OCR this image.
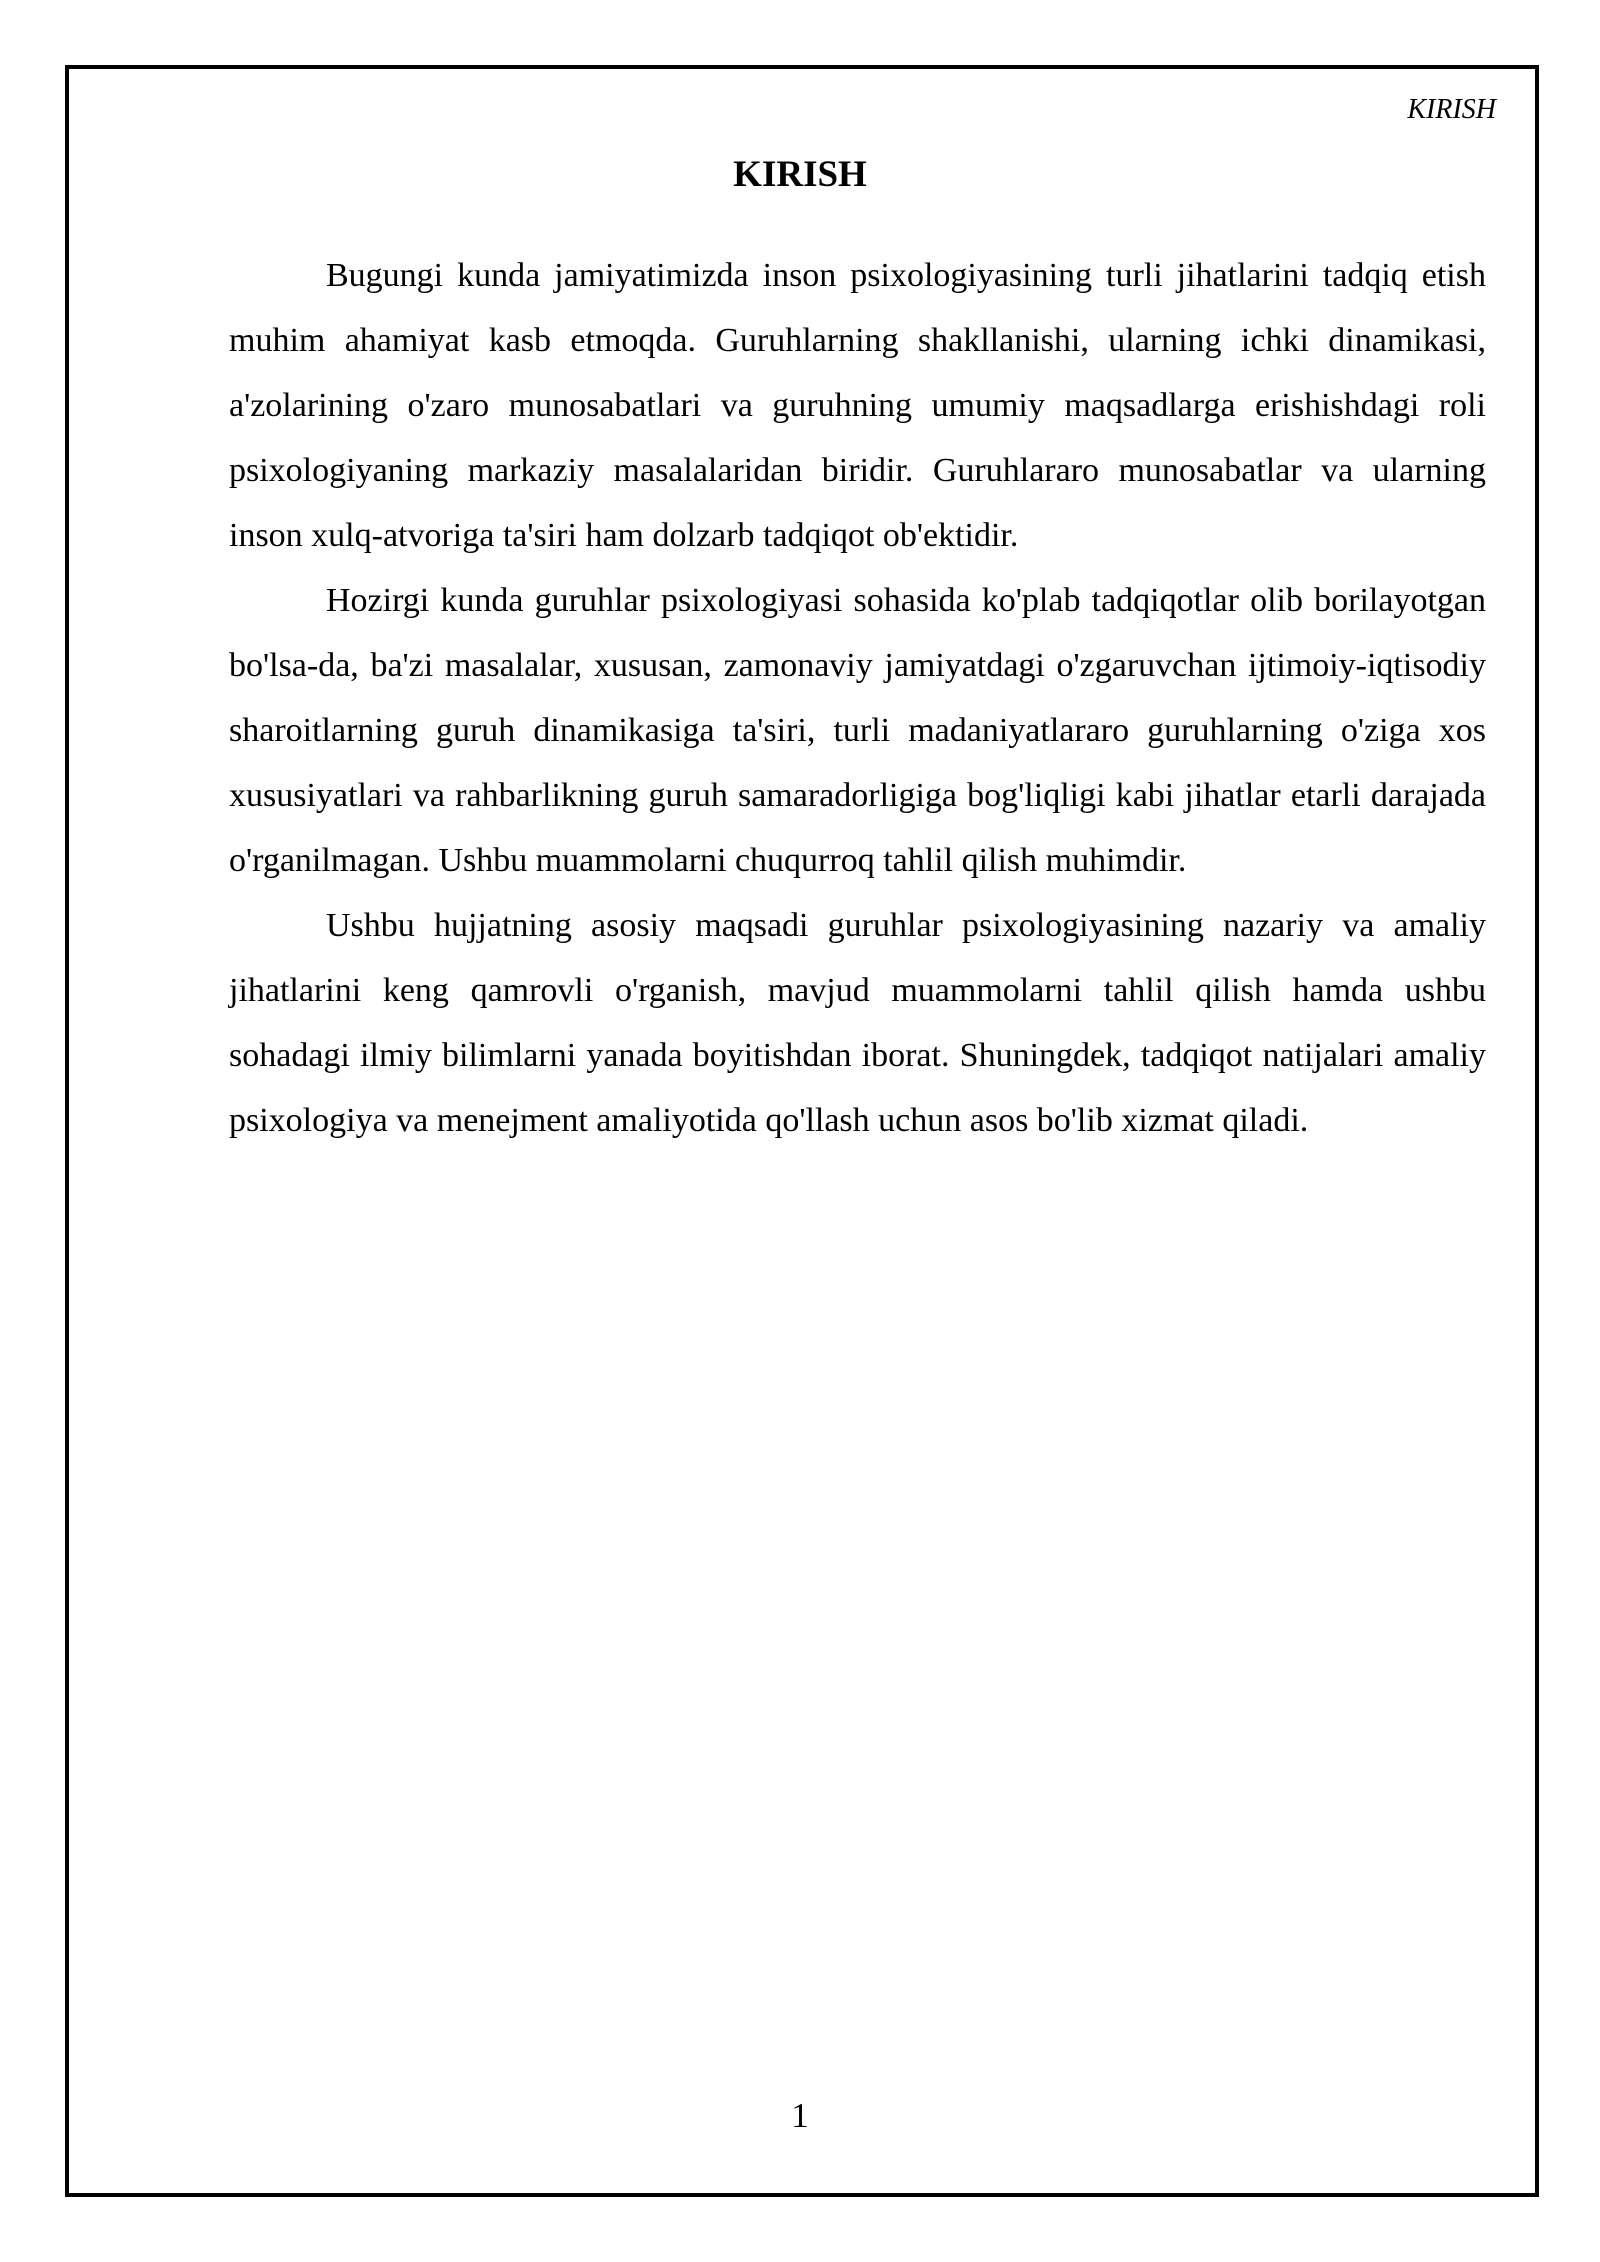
KIRISH
KIRISH

Bugungi kunda jamiyatimizda inson psixologiyasining turli jihatlarini tadqiq etish muhim ahamiyat kasb etmoqda. Guruhlarning shakllanishi, ularning ichki dinamikasi, a'zolarining o'zaro munosabatlari va guruhning umumiy maqsadlarga erishishdagi roli psixologiyaning markaziy masalalaridan biridir. Guruhlararo munosabatlar va ularning inson xulq-atvoriga ta'siri ham dolzarb tadqiqot ob'ektidir.

Hozirgi kunda guruhlar psixologiyasi sohasida ko'plab tadqiqotlar olib borilayotgan bo'lsa-da, ba'zi masalalar, xususan, zamonaviy jamiyatdagi o'zgaruvchan ijtimoiy-iqtisodiy sharoitlarning guruh dinamikasiga ta'siri, turli madaniyatlararo guruhlarning o'ziga xos xususiyatlari va rahbarlikning guruh samaradorligiga bog'liqligi kabi jihatlar etarli darajada o'rganilmagan. Ushbu muammolarni chuqurroq tahlil qilish muhimdir.

Ushbu hujjatning asosiy maqsadi guruhlar psixologiyasining nazariy va amaliy jihatlarini keng qamrovli o'rganish, mavjud muammolarni tahlil qilish hamda ushbu sohadagi ilmiy bilimlarni yanada boyitishdan iborat. Shuningdek, tadqiqot natijalari amaliy psixologiya va menejment amaliyotida qo'llash uchun asos bo'lib xizmat qiladi.

1
